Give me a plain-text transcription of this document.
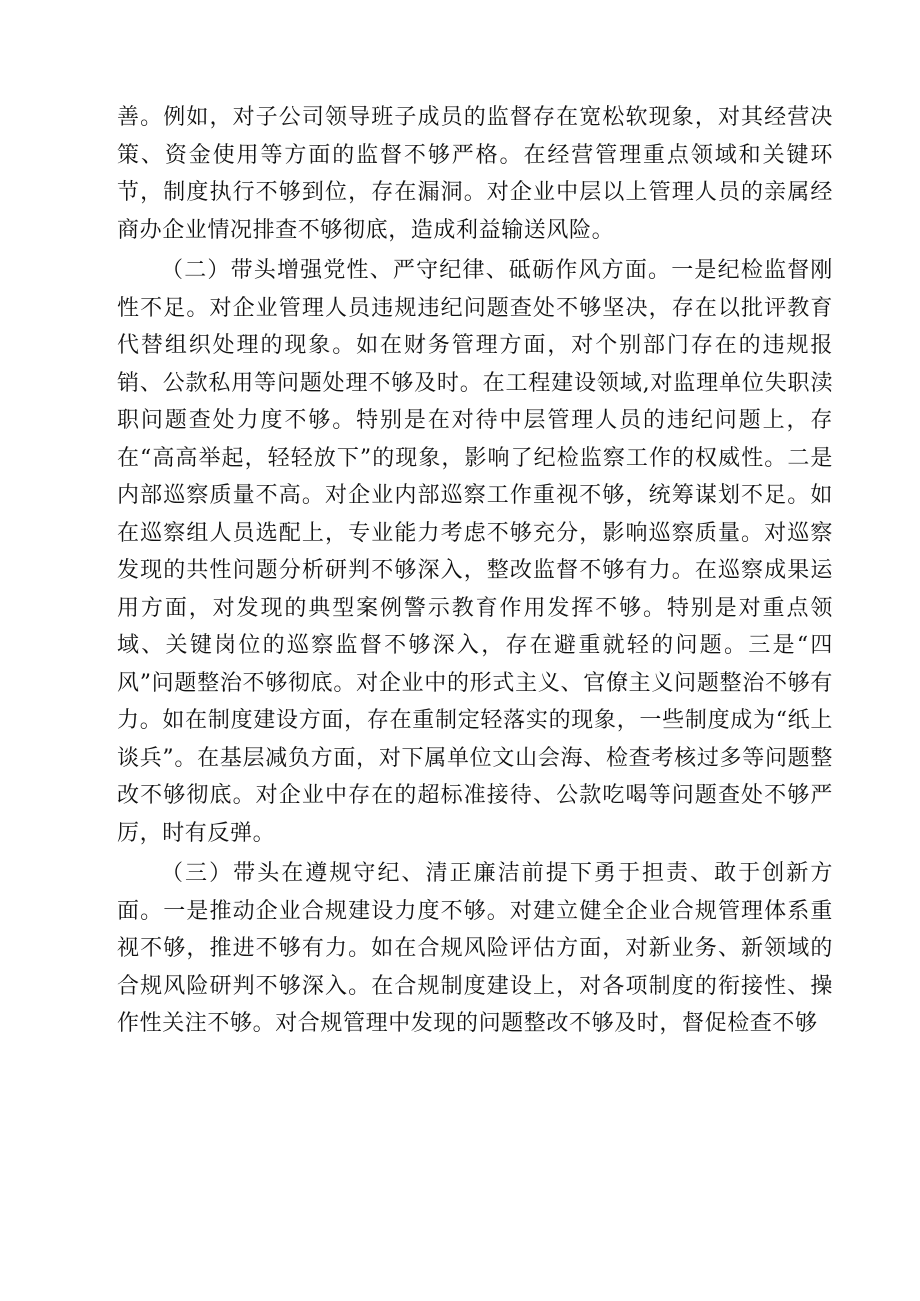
善。例如，对子公司领导班子成员的监督存在宽松软现象，对其经营决策、资金使用等方面的监督不够严格。在经营管理重点领域和关键环节，制度执行不够到位，存在漏洞。对企业中层以上管理人员的亲属经商办企业情况排查不够彻底，造成利益输送风险。

（二）带头增强党性、严守纪律、砥砺作风方面。一是纪检监督刚性不足。对企业管理人员违规违纪问题查处不够坚决，存在以批评教育代替组织处理的现象。如在财务管理方面，对个别部门存在的违规报销、公款私用等问题处理不够及时。在工程建设领域,对监理单位失职渎职问题查处力度不够。特别是在对待中层管理人员的违纪问题上，存在“高高举起，轻轻放下”的现象，影响了纪检监察工作的权威性。二是内部巡察质量不高。对企业内部巡察工作重视不够，统筹谋划不足。如在巡察组人员选配上，专业能力考虑不够充分，影响巡察质量。对巡察发现的共性问题分析研判不够深入，整改监督不够有力。在巡察成果运用方面，对发现的典型案例警示教育作用发挥不够。特别是对重点领域、关键岗位的巡察监督不够深入，存在避重就轻的问题。三是“四风”问题整治不够彻底。对企业中的形式主义、官僚主义问题整治不够有力。如在制度建设方面，存在重制定轻落实的现象，一些制度成为“纸上谈兵”。在基层减负方面，对下属单位文山会海、检查考核过多等问题整改不够彻底。对企业中存在的超标准接待、公款吃喝等问题查处不够严厉，时有反弹。

（三）带头在遵规守纪、清正廉洁前提下勇于担责、敢于创新方面。一是推动企业合规建设力度不够。对建立健全企业合规管理体系重视不够，推进不够有力。如在合规风险评估方面，对新业务、新领域的合规风险研判不够深入。在合规制度建设上，对各项制度的衔接性、操作性关注不够。对合规管理中发现的问题整改不够及时，督促检查不够
